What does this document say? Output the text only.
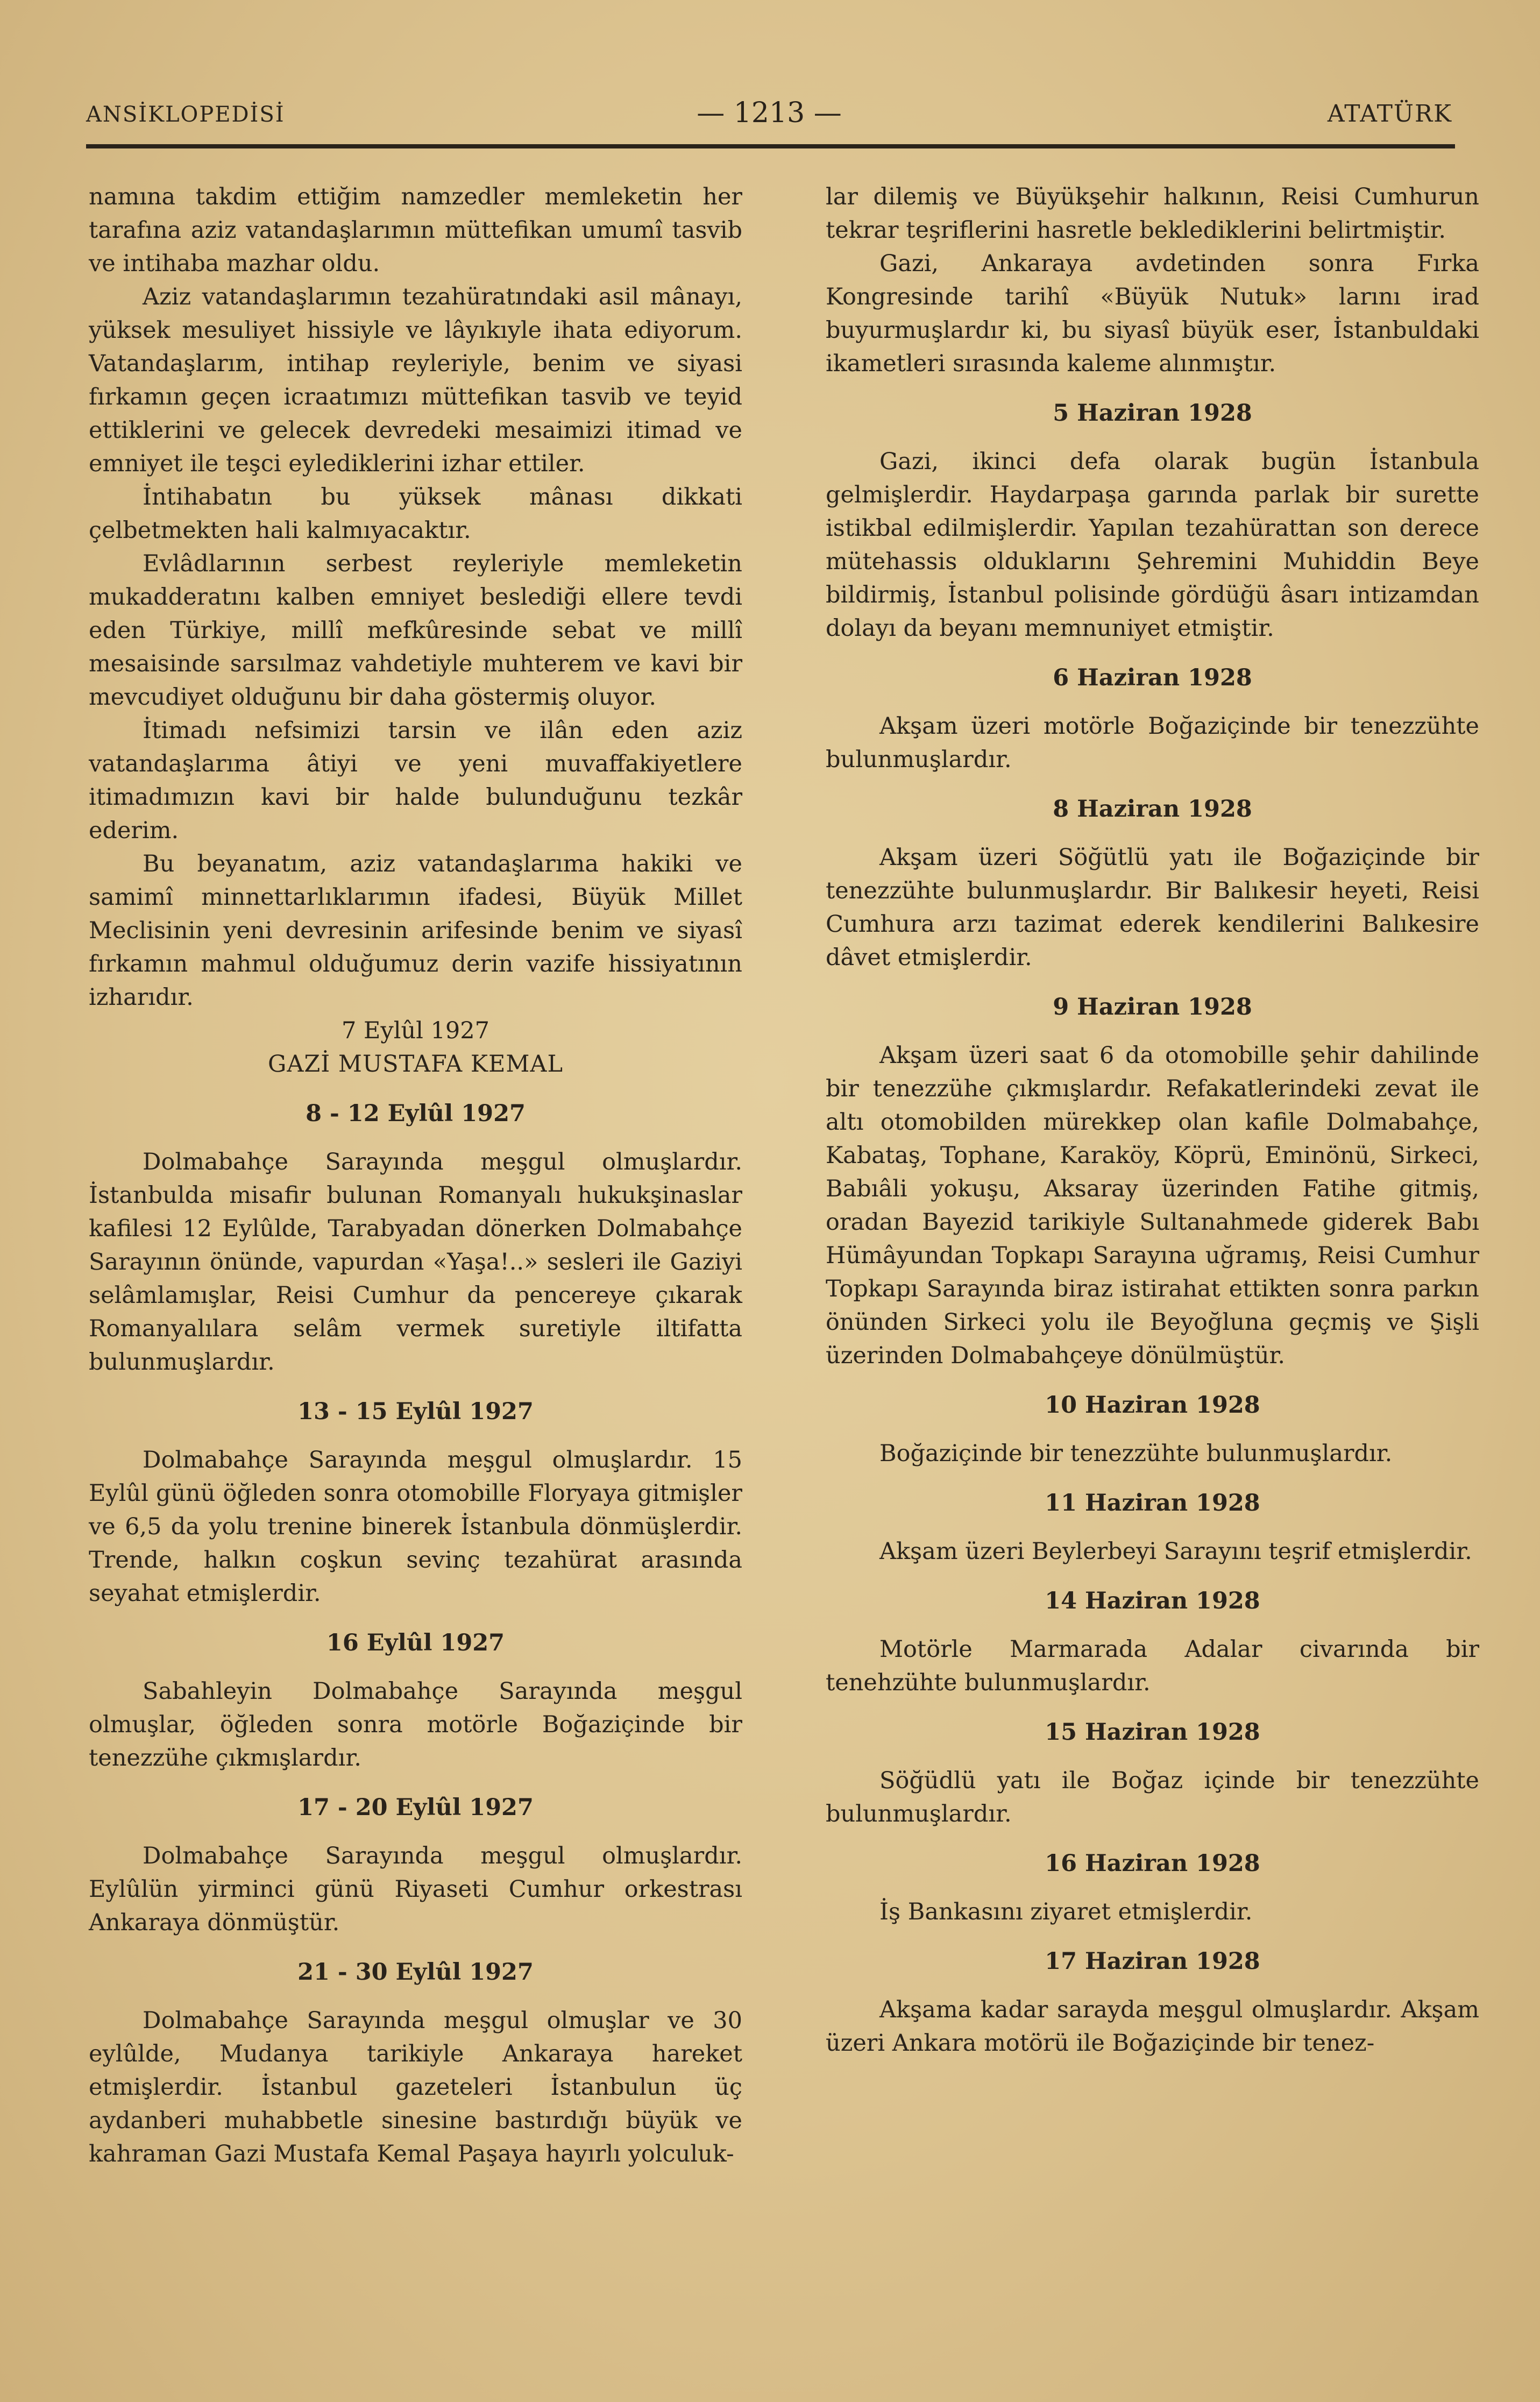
ANSİKLOPEDİSİ	— 1213 —	ATATÜRK

namına takdim ettiğim namzedler memleketin her tarafına aziz vatandaşlarımın müttefikan umumî tasvib ve intihaba mazhar oldu.

Aziz vatandaşlarımın tezahüratındaki asil mânayı, yüksek mesuliyet hissiyle ve lâyıkıyle ihata ediyorum. Vatandaşlarım, intihap reyleriyle, benim ve siyasi fırkamın geçen icraatımızı müttefikan tasvib ve teyid ettiklerini ve gelecek devredeki mesaimizi itimad ve emniyet ile teşci eylediklerini izhar ettiler.

İntihabatın bu yüksek mânası dikkati çelbetmekten hali kalmıyacaktır.

Evlâdlarının serbest reyleriyle memleketin mukadderatını kalben emniyet beslediği ellere tevdi eden Türkiye, millî mefkûresinde sebat ve millî mesaisinde sarsılmaz vahdetiyle muhterem ve kavi bir mevcudiyet olduğunu bir daha göstermiş oluyor.

İtimadı nefsimizi tarsin ve ilân eden aziz vatandaşlarıma âtiyi ve yeni muvaffakiyetlere itimadımızın kavi bir halde bulunduğunu tezkâr ederim.

Bu beyanatım, aziz vatandaşlarıma hakiki ve samimî minnettarlıklarımın ifadesi, Büyük Millet Meclisinin yeni devresinin arifesinde benim ve siyasî fırkamın mahmul olduğumuz derin vazife hissiyatının izharıdır.

7 Eylûl 1927

GAZİ MUSTAFA KEMAL

8 - 12 Eylûl 1927

Dolmabahçe Sarayında meşgul olmuşlardır. İstanbulda misafir bulunan Romanyalı hukukşinaslar kafilesi 12 Eylûlde, Tarabyadan dönerken Dolmabahçe Sarayının önünde, vapurdan «Yaşa!..» sesleri ile Gaziyi selâmlamışlar, Reisi Cumhur da pencereye çıkarak Romanyalılara selâm vermek suretiyle iltifatta bulunmuşlardır.

13 - 15 Eylûl 1927

Dolmabahçe Sarayında meşgul olmuşlardır. 15 Eylûl günü öğleden sonra otomobille Floryaya gitmişler ve 6,5 da yolu trenine binerek İstanbula dönmüşlerdir. Trende, halkın coşkun sevinç tezahürat arasında seyahat etmişlerdir.

16 Eylûl 1927

Sabahleyin Dolmabahçe Sarayında meşgul olmuşlar, öğleden sonra motörle Boğaziçinde bir tenezzühe çıkmışlardır.

17 - 20 Eylûl 1927

Dolmabahçe Sarayında meşgul olmuşlardır. Eylûlün yirminci günü Riyaseti Cumhur orkestrası Ankaraya dönmüştür.

21 - 30 Eylûl 1927

Dolmabahçe Sarayında meşgul olmuşlar ve 30 eylûlde, Mudanya tarikiyle Ankaraya hareket etmişlerdir. İstanbul gazeteleri İstanbulun üç aydanberi muhabbetle sinesine bastırdığı büyük ve kahraman Gazi Mustafa Kemal Paşaya hayırlı yolculuk-

lar dilemiş ve Büyükşehir halkının, Reisi Cumhurun tekrar teşriflerini hasretle beklediklerini belirtmiştir.

Gazi, Ankaraya avdetinden sonra Fırka Kongresinde tarihî «Büyük Nutuk» larını irad buyurmuşlardır ki, bu siyasî büyük eser, İstanbuldaki ikametleri sırasında kaleme alınmıştır.

5 Haziran 1928

Gazi, ikinci defa olarak bugün İstanbula gelmişlerdir. Haydarpaşa garında parlak bir surette istikbal edilmişlerdir. Yapılan tezahürattan son derece mütehassis olduklarını Şehremini Muhiddin Beye bildirmiş, İstanbul polisinde gördüğü âsarı intizamdan dolayı da beyanı memnuniyet etmiştir.

6 Haziran 1928

Akşam üzeri motörle Boğaziçinde bir tenezzühte bulunmuşlardır.

8 Haziran 1928

Akşam üzeri Söğütlü yatı ile Boğaziçinde bir tenezzühte bulunmuşlardır. Bir Balıkesir heyeti, Reisi Cumhura arzı tazimat ederek kendilerini Balıkesire dâvet etmişlerdir.

9 Haziran 1928

Akşam üzeri saat 6 da otomobille şehir dahilinde bir tenezzühe çıkmışlardır. Refakatlerindeki zevat ile altı otomobilden mürekkep olan kafile Dolmabahçe, Kabataş, Tophane, Karaköy, Köprü, Eminönü, Sirkeci, Babıâli yokuşu, Aksaray üzerinden Fatihe gitmiş, oradan Bayezid tarikiyle Sultanahmede giderek Babı Hümâyundan Topkapı Sarayına uğramış, Reisi Cumhur Topkapı Sarayında biraz istirahat ettikten sonra parkın önünden Sirkeci yolu ile Beyoğluna geçmiş ve Şişli üzerinden Dolmabahçeye dönülmüştür.

10 Haziran 1928

Boğaziçinde bir tenezzühte bulunmuşlardır.

11 Haziran 1928

Akşam üzeri Beylerbeyi Sarayını teşrif etmişlerdir.

14 Haziran 1928

Motörle Marmarada Adalar civarında bir tenehzühte bulunmuşlardır.

15 Haziran 1928

Söğüdlü yatı ile Boğaz içinde bir tenezzühte bulunmuşlardır.

16 Haziran 1928

İş Bankasını ziyaret etmişlerdir.

17 Haziran 1928

Akşama kadar sarayda meşgul olmuşlardır. Akşam üzeri Ankara motörü ile Boğaziçinde bir tenez-
